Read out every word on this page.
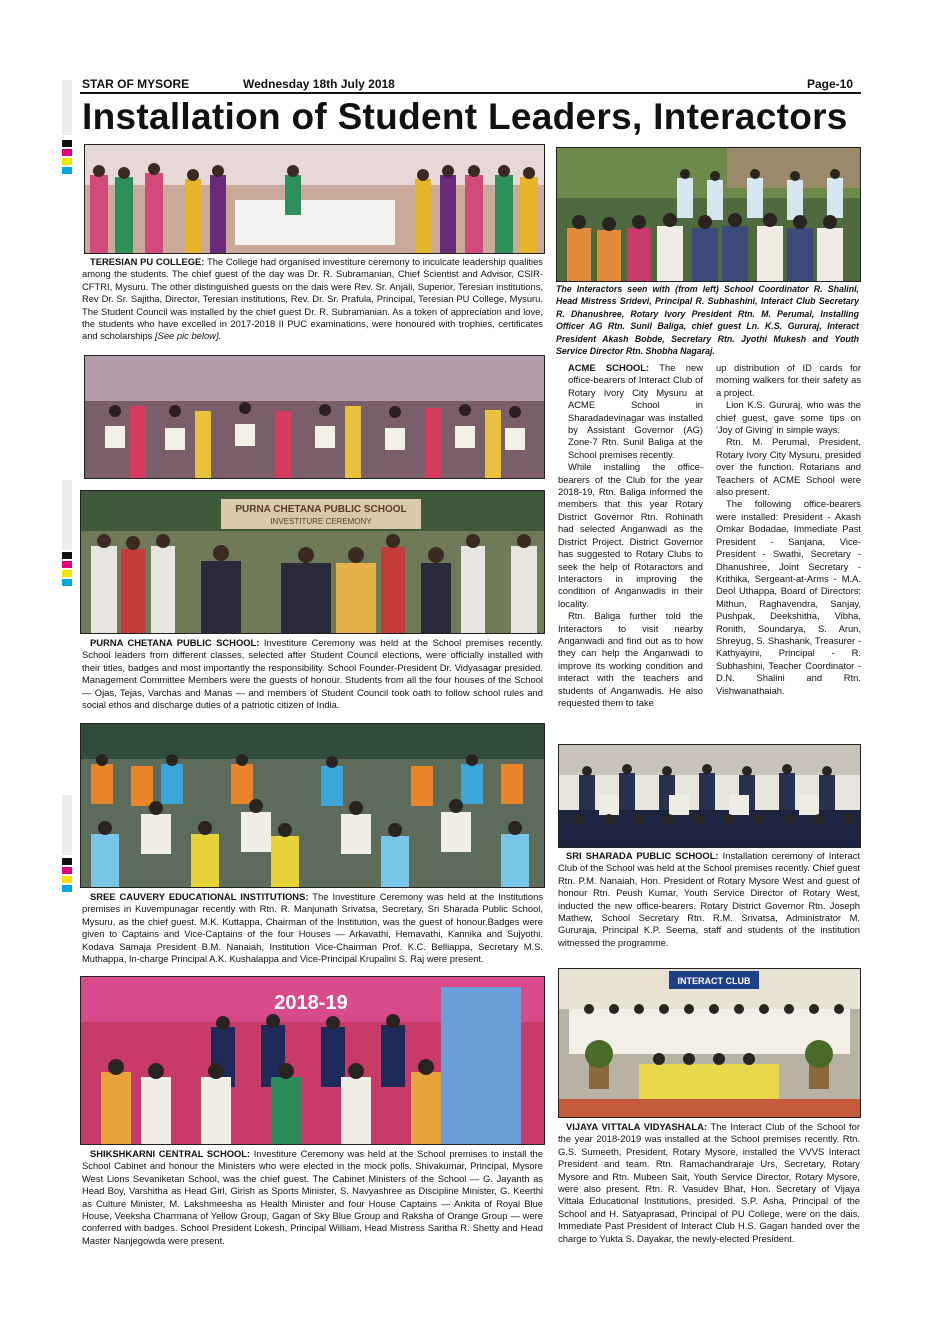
STAR OF MYSORE	Wednesday 18th July 2018	Page-10
Installation of Student Leaders, Interactors
TERESIAN PU COLLEGE: The College had organised investiture ceremony to inculcate leadership qualities among the students. The chief guest of the day was Dr. R. Subramanian, Chief Scientist and Advisor, CSIR- CFTRI, Mysuru. The other distinguished guests on the dais were Rev. Sr. Anjali, Superior, Teresian institutions, Rev Dr. Sr. Sajitha, Director, Teresian institutions, Rev. Dr. Sr. Prafula, Principal, Teresian PU College, Mysuru. The Student Council was installed by the chief guest Dr. R. Subramanian. As a token of appreciation and love, the students who have excelled in 2017-2018 II PUC examinations, were honoured with trophies, certificates and scholarships [See pic below].
PURNA CHETANA PUBLIC SCHOOL
INVESTITURE CEREMONY
PURNA CHETANA PUBLIC SCHOOL: Investiture Ceremony was held at the School premises recently. School leaders from different classes, selected after Student Council elections, were officially installed with their titles, badges and most importantly the responsibility. School Founder-President Dr. Vidyasagar presided. Management Committee Members were the guests of honour. Students from all the four houses of the School — Ojas, Tejas, Varchas and Manas — and members of Student Council took oath to follow school rules and social ethos and discharge duties of a patriotic citizen of India.
SREE CAUVERY EDUCATIONAL INSTITUTIONS: The Investiture Ceremony was held at the Institutions premises in Kuvempunagar recently with Rtn. R. Manjunath Srivatsa, Secretary, Sri Sharada Public School, Mysuru, as the chief guest. M.K. Kuttappa, Chairman of the Institution, was the guest of honour.Badges were given to Captains and Vice-Captains of the four Houses — Arkavathi, Hemavathi, Kannika and Sujyothi. Kodava Samaja President B.M. Nanaiah, Institution Vice-Chairman Prof. K.C. Belliappa, Secretary M.S. Muthappa, In-charge Principal A.K. Kushalappa and Vice-Principal Krupalini S. Raj were present.
2018-19
SHIKSHKARNI CENTRAL SCHOOL: Investiture Ceremony was held at the School premises to install the School Cabinet and honour the Ministers who were elected in the mock polls. Shivakumar, Principal, Mysore West Lions Sevaniketan School, was the chief guest. The Cabinet Ministers of the School — G. Jayanth as Head Boy, Varshitha as Head Girl, Girish as Sports Minister, S. Navyashree as Discipline Minister, G. Keerthi as Culture Minister, M. Lakshmeesha as Health Minister and four House Captains — Ankita of Royal Blue House, Veeksha Charmana of Yellow Group, Gagan of Sky Blue Group and Raksha of Orange Group — were conferred with badges. School President Lokesh, Principal William, Head Mistress Saritha R. Shetty and Head Master Nanjegowda were present.
The Interactors seen with (from left) School Coordinator R. Shalini, Head Mistress Sridevi, Principal R. Subhashini, Interact Club Secretary R. Dhanushree, Rotary Ivory President Rtn. M. Perumal, Installing Officer AG Rtn. Sunil Baliga, chief guest Ln. K.S. Gururaj, Interact President Akash Bobde, Secretary Rtn. Jyothi Mukesh and Youth Service Director Rtn. Shobha Nagaraj.

ACME SCHOOL: The new office-bearers of Interact Club of Rotary Ivory City Mysuru at ACME School in Sharadadevinagar was installed by Assistant Governor (AG) Zone-7 Rtn. Sunil Baliga at the School premises recently.

While installing the office-bearers of the Club for the year 2018-19, Rtn. Baliga informed the members that this year Rotary District Governor Rtn. Rohinath had selected Anganwadi as the District Project. District Governor has suggested to Rotary Clubs to seek the help of Rotaractors and Interactors in improving the condition of Anganwadis in their locality.

Rtn. Baliga further told the Interactors to visit nearby Anganwadi and find out as to how they can help the Anganwadi to improve its working condition and interact with the teachers and students of Anganwadis. He also requested them to take

up distribution of ID cards for morning walkers for their safety as a project.

Lion K.S. Gururaj, who was the chief guest, gave some tips on 'Joy of Giving' in simple ways.

Rtn. M. Perumal, President, Rotary Ivory City Mysuru, presided over the function. Rotarians and Teachers of ACME School were also present.

The following office-bearers were installed: President - Akash Omkar Bodadae, Immediate Past President - Sanjana, Vice-President - Swathi, Secretary - Dhanushree, Joint Secretary - Krithika, Sergeant-at-Arms - M.A. Deol Uthappa, Board of Directors: Mithun, Raghavendra, Sanjay, Pushpak, Deekshitha, Vibha, Ronith, Soundarya, S. Arun, Shreyug, S. Shashank, Treasurer - Kathyayini, Principal - R. Subhashini, Teacher Coordinator - D.N. Shalini and Rtn. Vishwanathaiah.

SRI SHARADA PUBLIC SCHOOL: Installation ceremony of Interact Club of the School was held at the School premises recently. Chief guest Rtn. P.M. Nanaiah, Hon. President of Rotary Mysore West and guest of honour Rtn. Peush Kumar, Youth Service Director of Rotary West, inducted the new office-bearers. Rotary District Governor Rtn. Joseph Mathew, School Secretary Rtn. R.M. Srivatsa, Administrator M. Gururaja, Principal K.P. Seema, staff and students of the institution witnessed the programme.
INTERACT CLUB
VIJAYA VITTALA VIDYASHALA: The Interact Club of the School for the year 2018-2019 was installed at the School premises recently. Rtn. G.S. Sumeeth, President, Rotary Mysore, installed the VVVS Interact President and team. Rtn. Ramachandraraje Urs, Secretary, Rotary Mysore and Rtn. Mubeen Sait, Youth Service Director, Rotary Mysore, were also present. Rtn. R. Vasudev Bhat, Hon. Secretary of Vijaya Vittala Educational Institutions, presided. S.P. Asha, Principal of the School and H. Satyaprasad, Principal of PU College, were on the dais. Immediate Past President of Interact Club H.S. Gagan handed over the charge to Yukta S. Dayakar, the newly-elected President.
